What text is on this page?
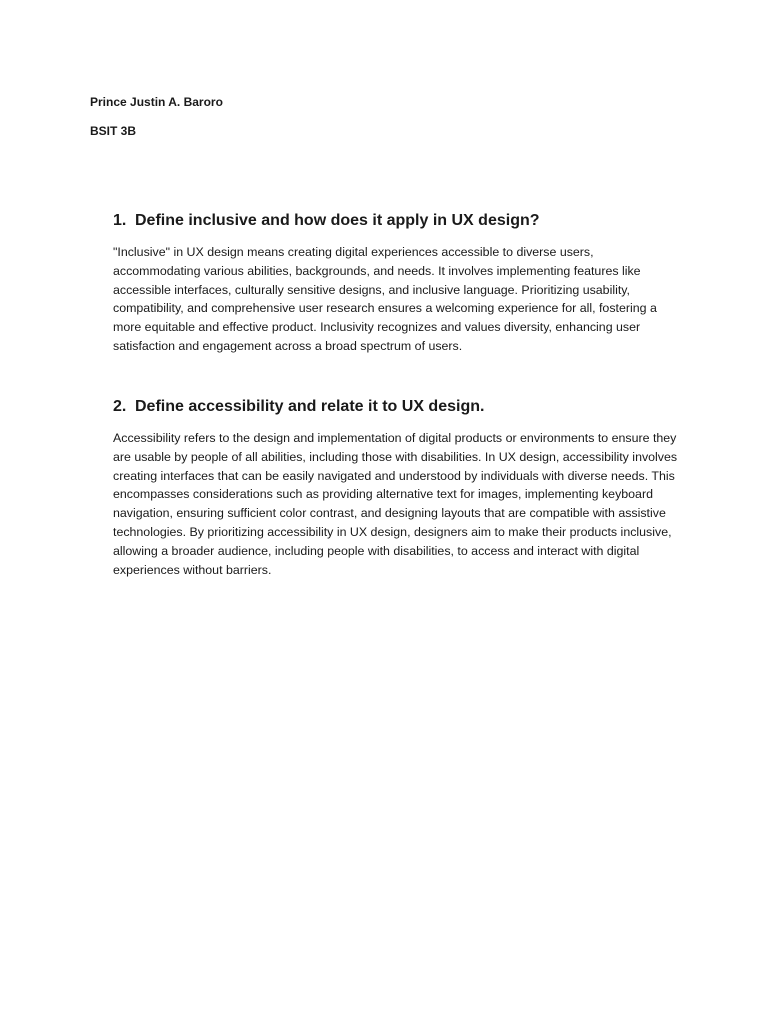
Prince Justin A. Baroro
BSIT 3B
1. Define inclusive and how does it apply in UX design?

"Inclusive" in UX design means creating digital experiences accessible to diverse users, accommodating various abilities, backgrounds, and needs. It involves implementing features like accessible interfaces, culturally sensitive designs, and inclusive language. Prioritizing usability, compatibility, and comprehensive user research ensures a welcoming experience for all, fostering a more equitable and effective product. Inclusivity recognizes and values diversity, enhancing user satisfaction and engagement across a broad spectrum of users.

2. Define accessibility and relate it to UX design.

Accessibility refers to the design and implementation of digital products or environments to ensure they are usable by people of all abilities, including those with disabilities. In UX design, accessibility involves creating interfaces that can be easily navigated and understood by individuals with diverse needs. This encompasses considerations such as providing alternative text for images, implementing keyboard navigation, ensuring sufficient color contrast, and designing layouts that are compatible with assistive technologies. By prioritizing accessibility in UX design, designers aim to make their products inclusive, allowing a broader audience, including people with disabilities, to access and interact with digital experiences without barriers.
